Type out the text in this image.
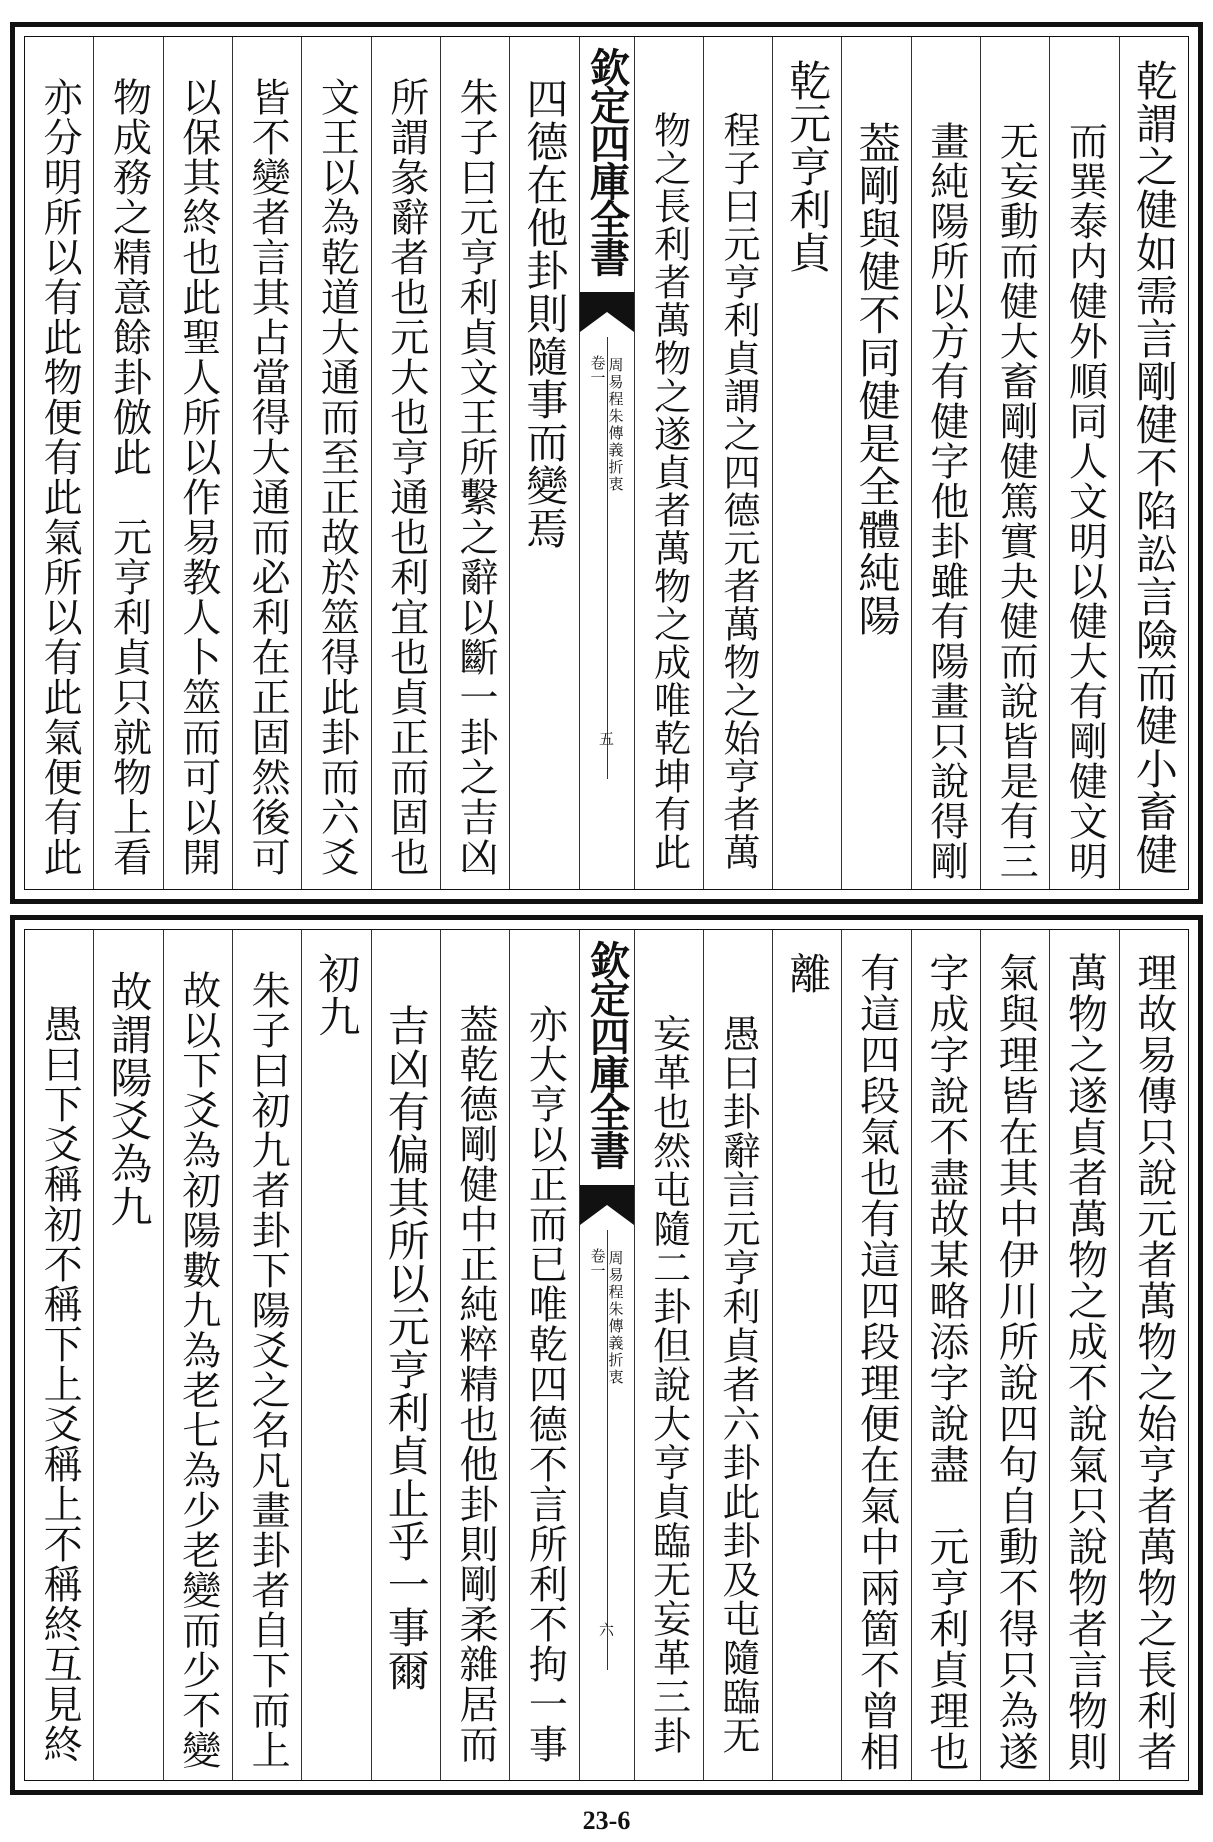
乾謂之健如需言剛健不陷訟言險而健小畜健
而巽泰内健外順同人文明以健大有剛健文明
无妄動而健大畜剛健篤實夬健而說皆是有三
畫純陽所以方有健字他卦雖有陽畫只說得剛
葢剛與健不同健是全體純陽
乾元亨利貞
程子曰元亨利貞謂之四德元者萬物之始亨者萬
物之長利者萬物之遂貞者萬物之成唯乾坤有此
欽定四庫全書
周易程朱傳義折衷
卷一
五
四德在他卦則隨事而變焉
朱子曰元亨利貞文王所繫之辭以斷一卦之吉凶
所謂彖辭者也元大也亨通也利宜也貞正而固也
文王以為乾道大通而至正故於筮得此卦而六爻
皆不變者言其占當得大通而必利在正固然後可
以保其終也此聖人所以作易教人卜筮而可以開
物成務之精意餘卦倣此　元亨利貞只就物上看
亦分明所以有此物便有此氣所以有此氣便有此
理故易傳只說元者萬物之始亨者萬物之長利者
萬物之遂貞者萬物之成不說氣只說物者言物則
氣與理皆在其中伊川所說四句自動不得只為遂
字成字說不盡故某略添字說盡　元亨利貞理也
有這四段氣也有這四段理便在氣中兩箇不曾相
離
愚曰卦辭言元亨利貞者六卦此卦及屯隨臨无
妄革也然屯隨二卦但說大亨貞臨无妄革三卦
欽定四庫全書
周易程朱傳義折衷
卷一
六
亦大亨以正而已唯乾四德不言所利不拘一事
葢乾德剛健中正純粹精也他卦則剛柔雜居而
吉凶有偏其所以元亨利貞止乎一事爾
初九
朱子曰初九者卦下陽爻之名凡畫卦者自下而上
故以下爻為初陽數九為老七為少老變而少不變
故謂陽爻為九
愚曰下爻稱初不稱下上爻稱上不稱終互見終
23-6
